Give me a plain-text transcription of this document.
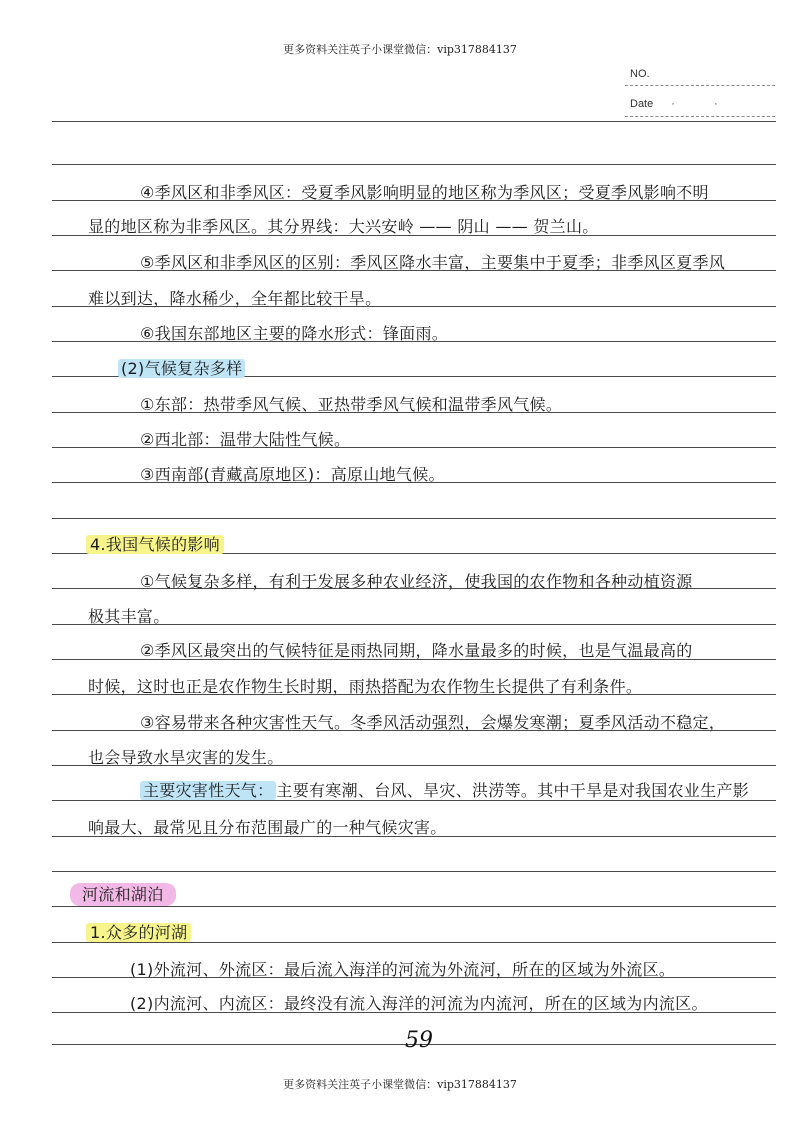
更多资料关注英子小课堂微信：vip317884137
NO.
Date · ·
④季风区和非季风区：受夏季风影响明显的地区称为季风区；受夏季风影响不明
显的地区称为非季风区。其分界线：大兴安岭 —— 阴山 —— 贺兰山。
⑤季风区和非季风区的区别：季风区降水丰富，主要集中于夏季；非季风区夏季风
难以到达，降水稀少，全年都比较干旱。
⑥我国东部地区主要的降水形式：锋面雨。
(2)气候复杂多样
①东部：热带季风气候、亚热带季风气候和温带季风气候。
②西北部：温带大陆性气候。
③西南部(青藏高原地区)：高原山地气候。
4.我国气候的影响
①气候复杂多样，有利于发展多种农业经济，使我国的农作物和各种动植资源
极其丰富。
②季风区最突出的气候特征是雨热同期，降水量最多的时候，也是气温最高的
时候，这时也正是农作物生长时期，雨热搭配为农作物生长提供了有利条件。
③容易带来各种灾害性天气。冬季风活动强烈，会爆发寒潮；夏季风活动不稳定，
也会导致水旱灾害的发生。
主要灾害性天气： 主要有寒潮、台风、旱灾、洪涝等。其中干旱是对我国农业生产影
响最大、最常见且分布范围最广的一种气候灾害。
河流和湖泊
1.众多的河湖
(1)外流河、外流区：最后流入海洋的河流为外流河，所在的区域为外流区。
(2)内流河、内流区：最终没有流入海洋的河流为内流河，所在的区域为内流区。
59
更多资料关注英子小课堂微信：vip317884137
